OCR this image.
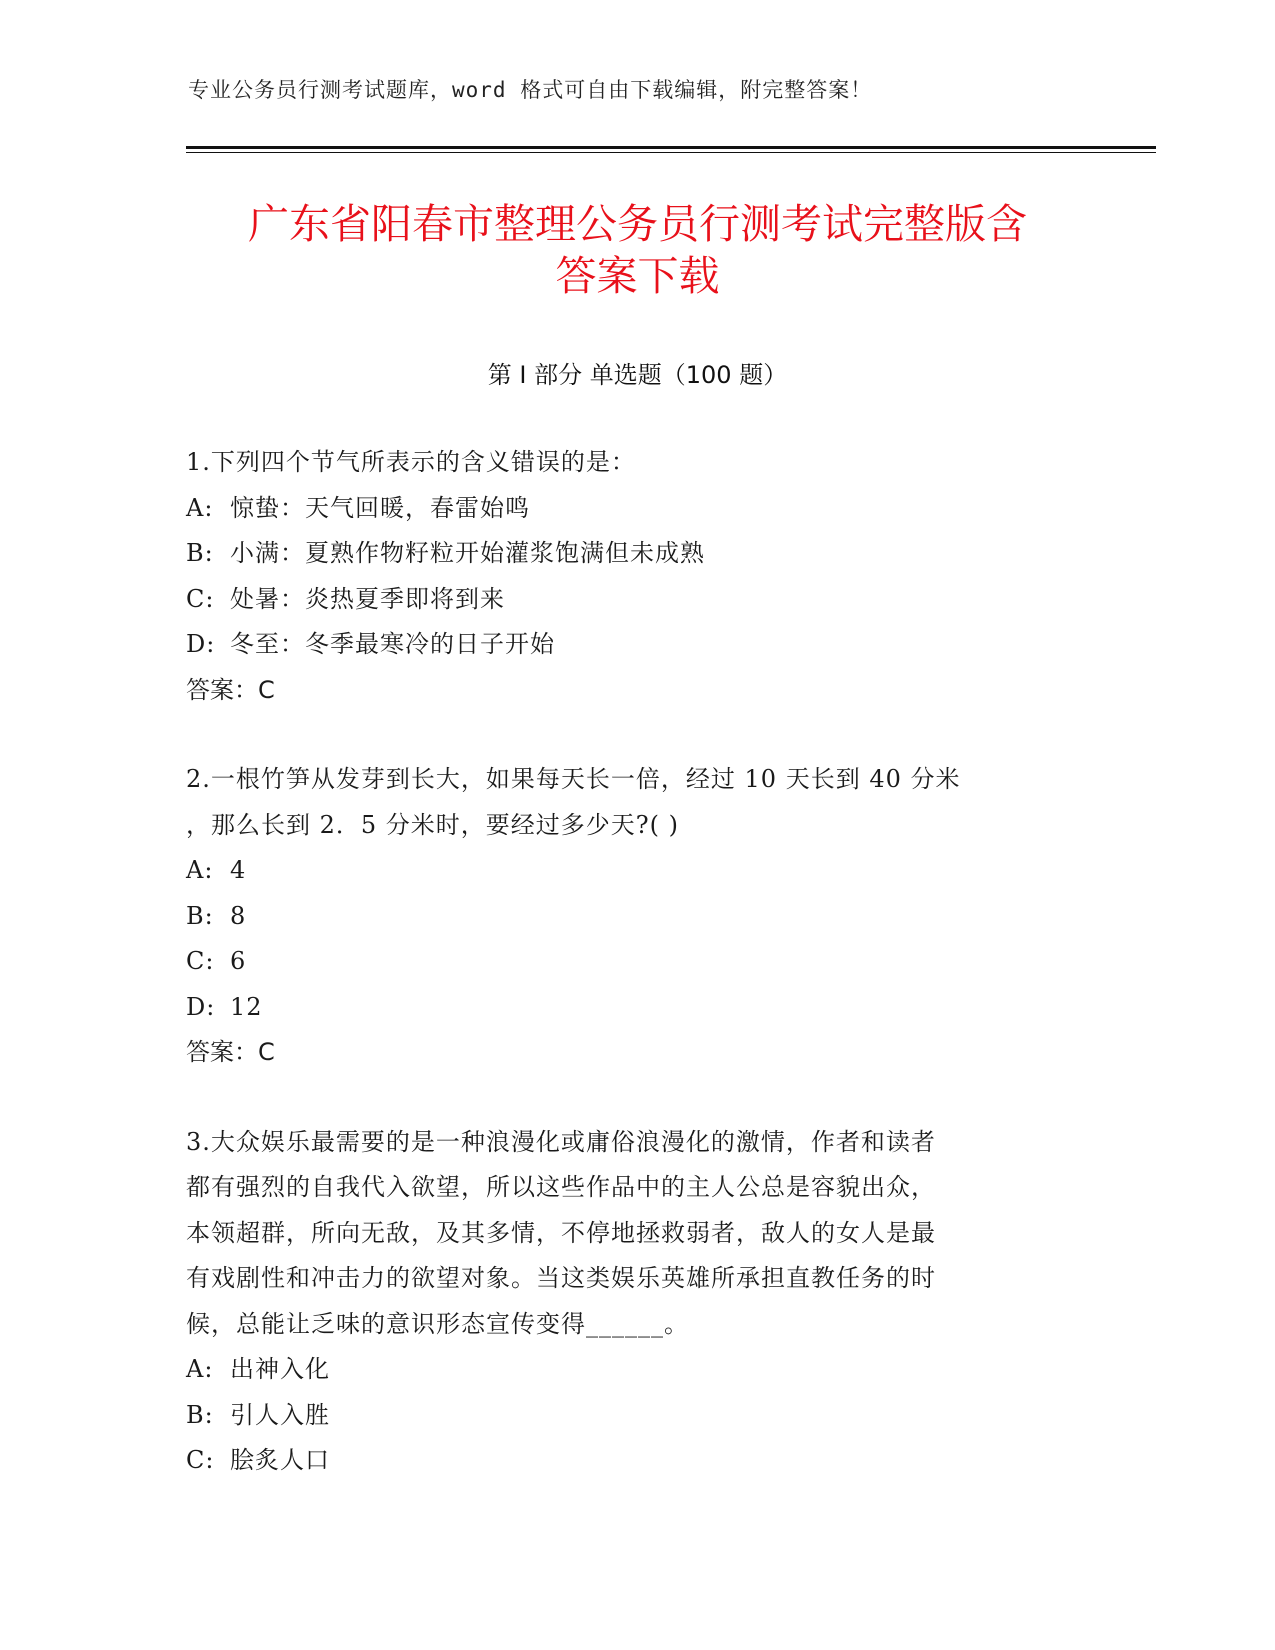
专业公务员行测考试题库，word 格式可自由下载编辑，附完整答案！
广东省阳春市整理公务员行测考试完整版含
答案下载
第 I 部分 单选题（100 题）
1.下列四个节气所表示的含义错误的是：
A: 惊蛰：天气回暖，春雷始鸣
B: 小满：夏熟作物籽粒开始灌浆饱满但未成熟
C: 处暑：炎热夏季即将到来
D: 冬至：冬季最寒冷的日子开始
答案：C
2.一根竹笋从发芽到长大，如果每天长一倍，经过 10 天长到 40 分米
，那么长到 2．5 分米时，要经过多少天?( )
A: 4
B: 8
C: 6
D: 12
答案：C
3.大众娱乐最需要的是一种浪漫化或庸俗浪漫化的激情，作者和读者
都有强烈的自我代入欲望，所以这些作品中的主人公总是容貌出众，
本领超群，所向无敌，及其多情，不停地拯救弱者，敌人的女人是最
有戏剧性和冲击力的欲望对象。当这类娱乐英雄所承担直教任务的时
候，总能让乏味的意识形态宣传变得______。
A: 出神入化
B: 引人入胜
C: 脍炙人口
